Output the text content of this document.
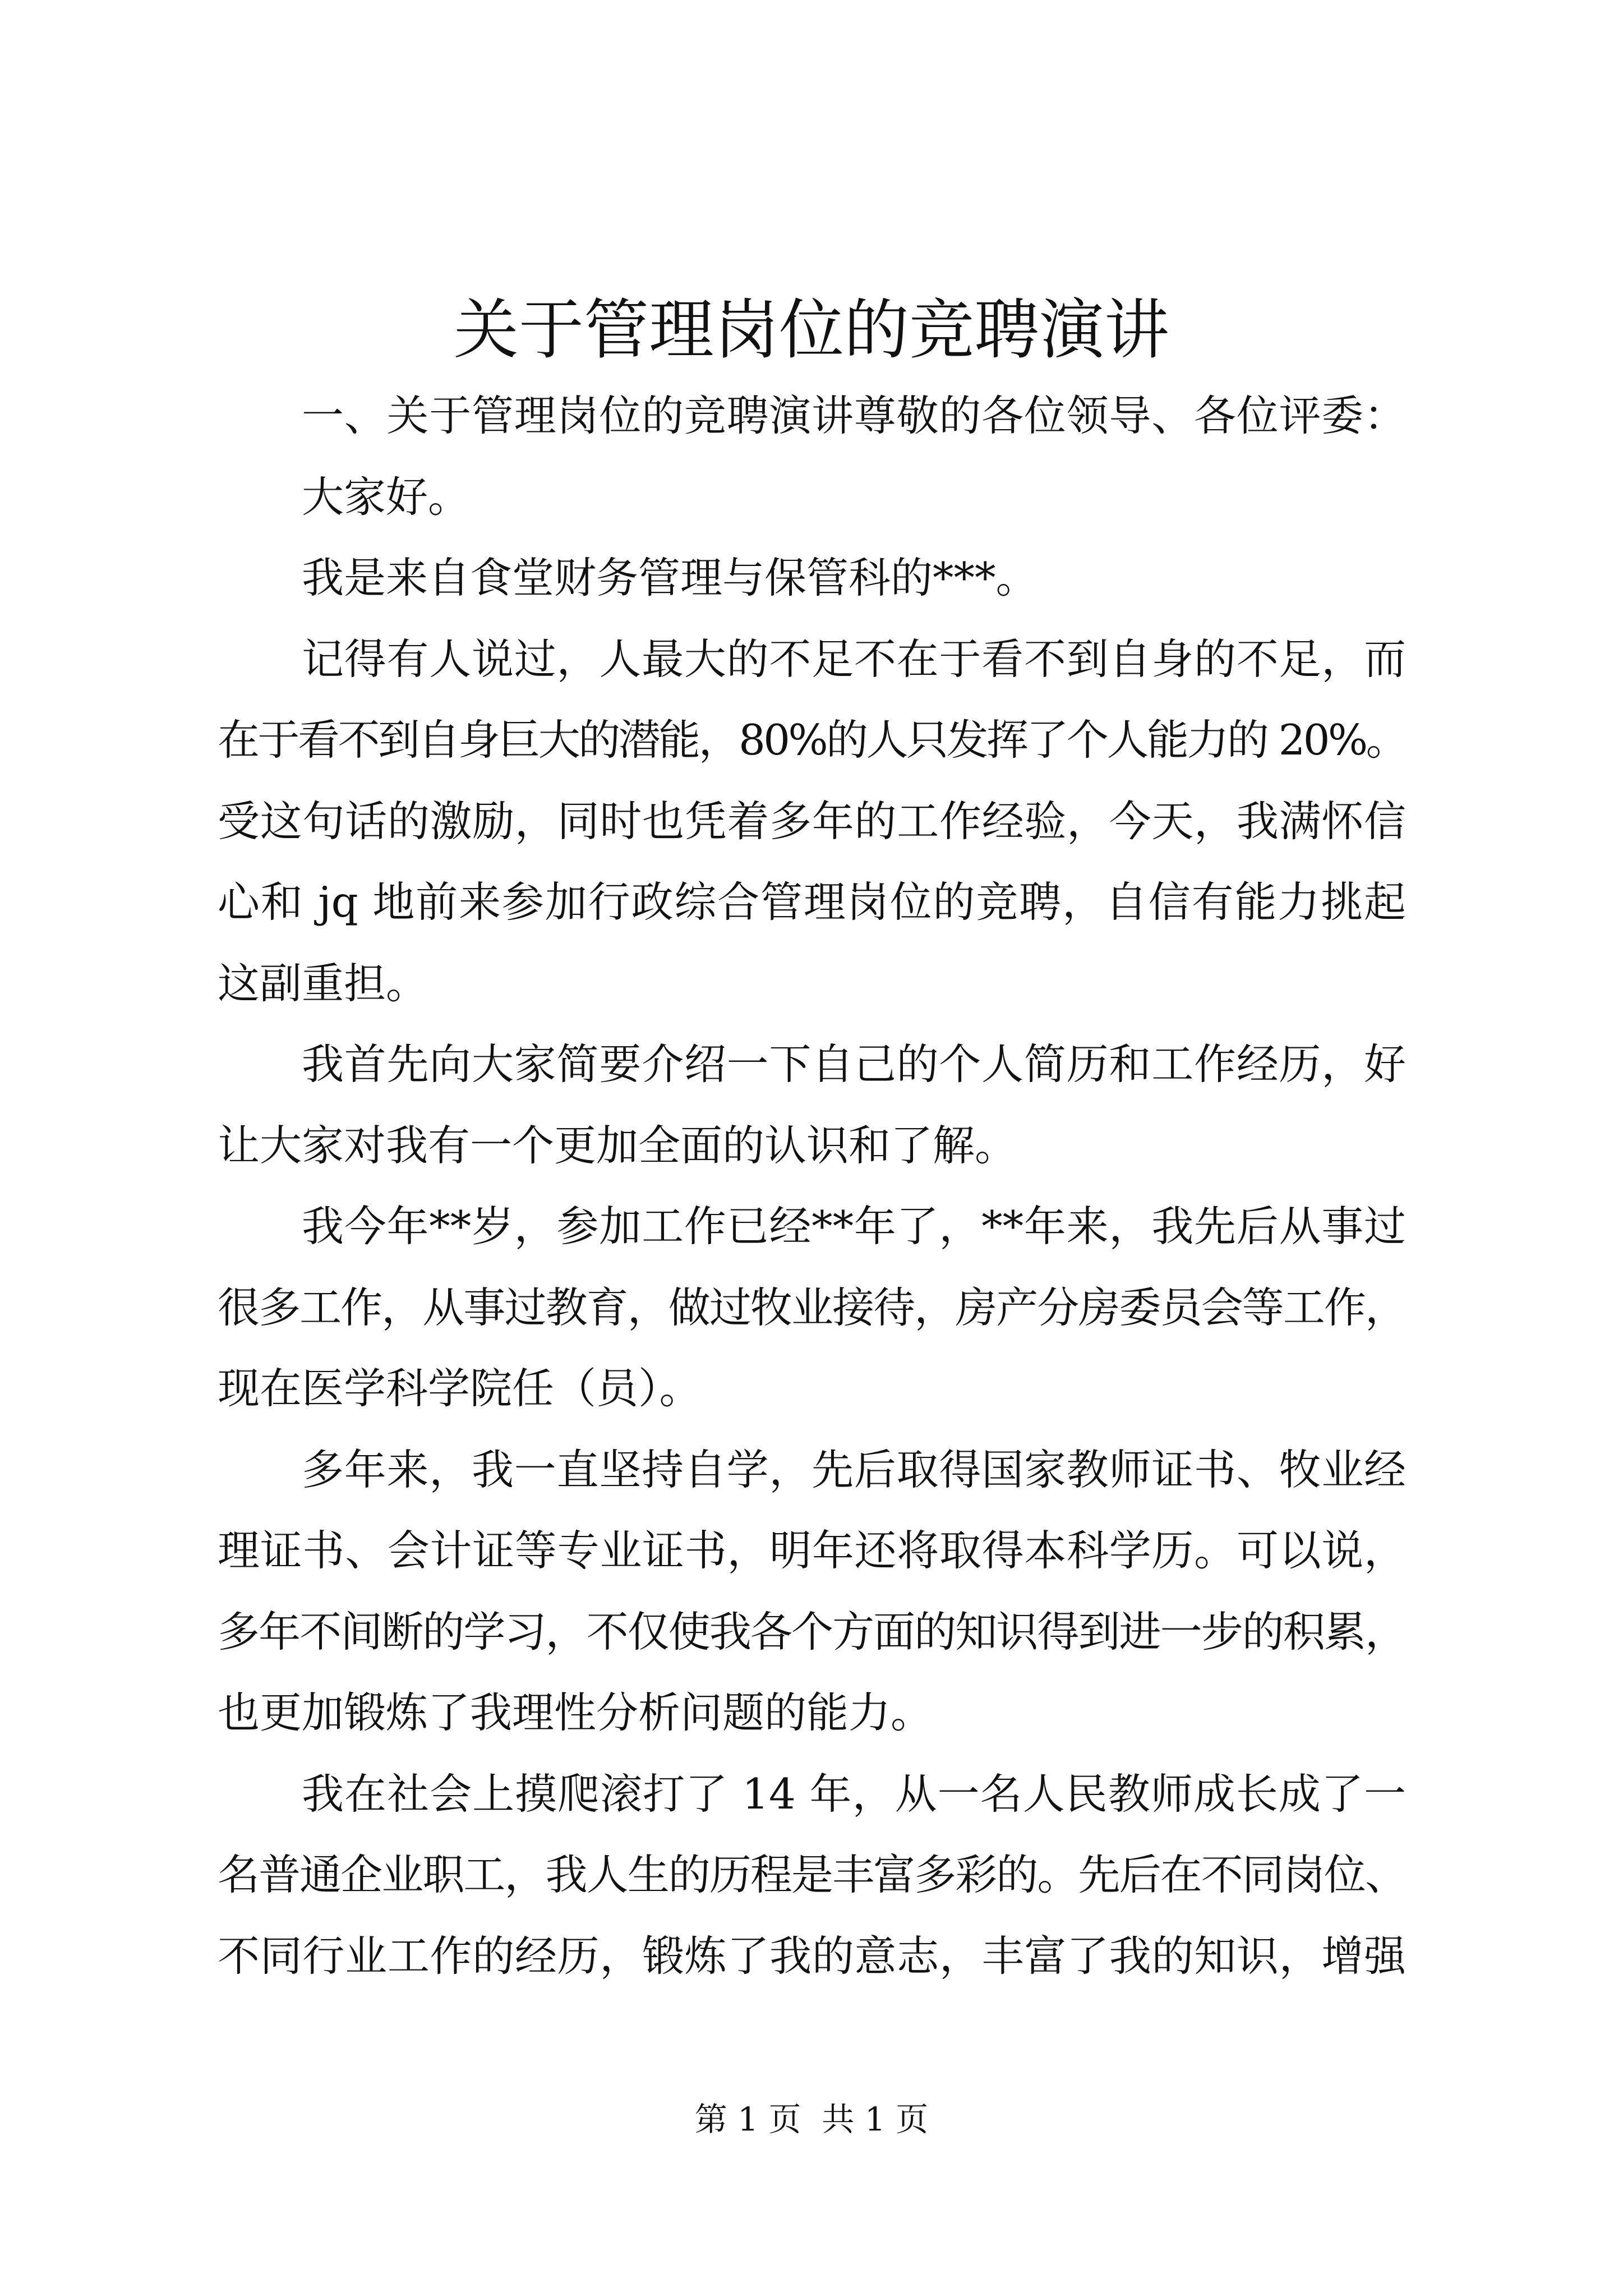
关于管理岗位的竞聘演讲
一、关于管理岗位的竞聘演讲尊敬的各位领导、各位评委：
大家好。
我是来自食堂财务管理与保管科的***。
记得有人说过，人最大的不足不在于看不到自身的不足，而
在于看不到自身巨大的潜能，80%的人只发挥了个人能力的 20%。
受这句话的激励，同时也凭着多年的工作经验，今天，我满怀信
心和 jq 地前来参加行政综合管理岗位的竞聘，自信有能力挑起
这副重担。
我首先向大家简要介绍一下自己的个人简历和工作经历，好
让大家对我有一个更加全面的认识和了解。
我今年**岁，参加工作已经**年了，**年来，我先后从事过
很多工作，从事过教育，做过牧业接待，房产分房委员会等工作，
现在医学科学院任（员）。
多年来，我一直坚持自学，先后取得国家教师证书、牧业经
理证书、会计证等专业证书，明年还将取得本科学历。可以说，
多年不间断的学习，不仅使我各个方面的知识得到进一步的积累，
也更加锻炼了我理性分析问题的能力。
我在社会上摸爬滚打了 14 年，从一名人民教师成长成了一
名普通企业职工，我人生的历程是丰富多彩的。先后在不同岗位、
不同行业工作的经历，锻炼了我的意志，丰富了我的知识，增强
第 1 页  共 1 页
